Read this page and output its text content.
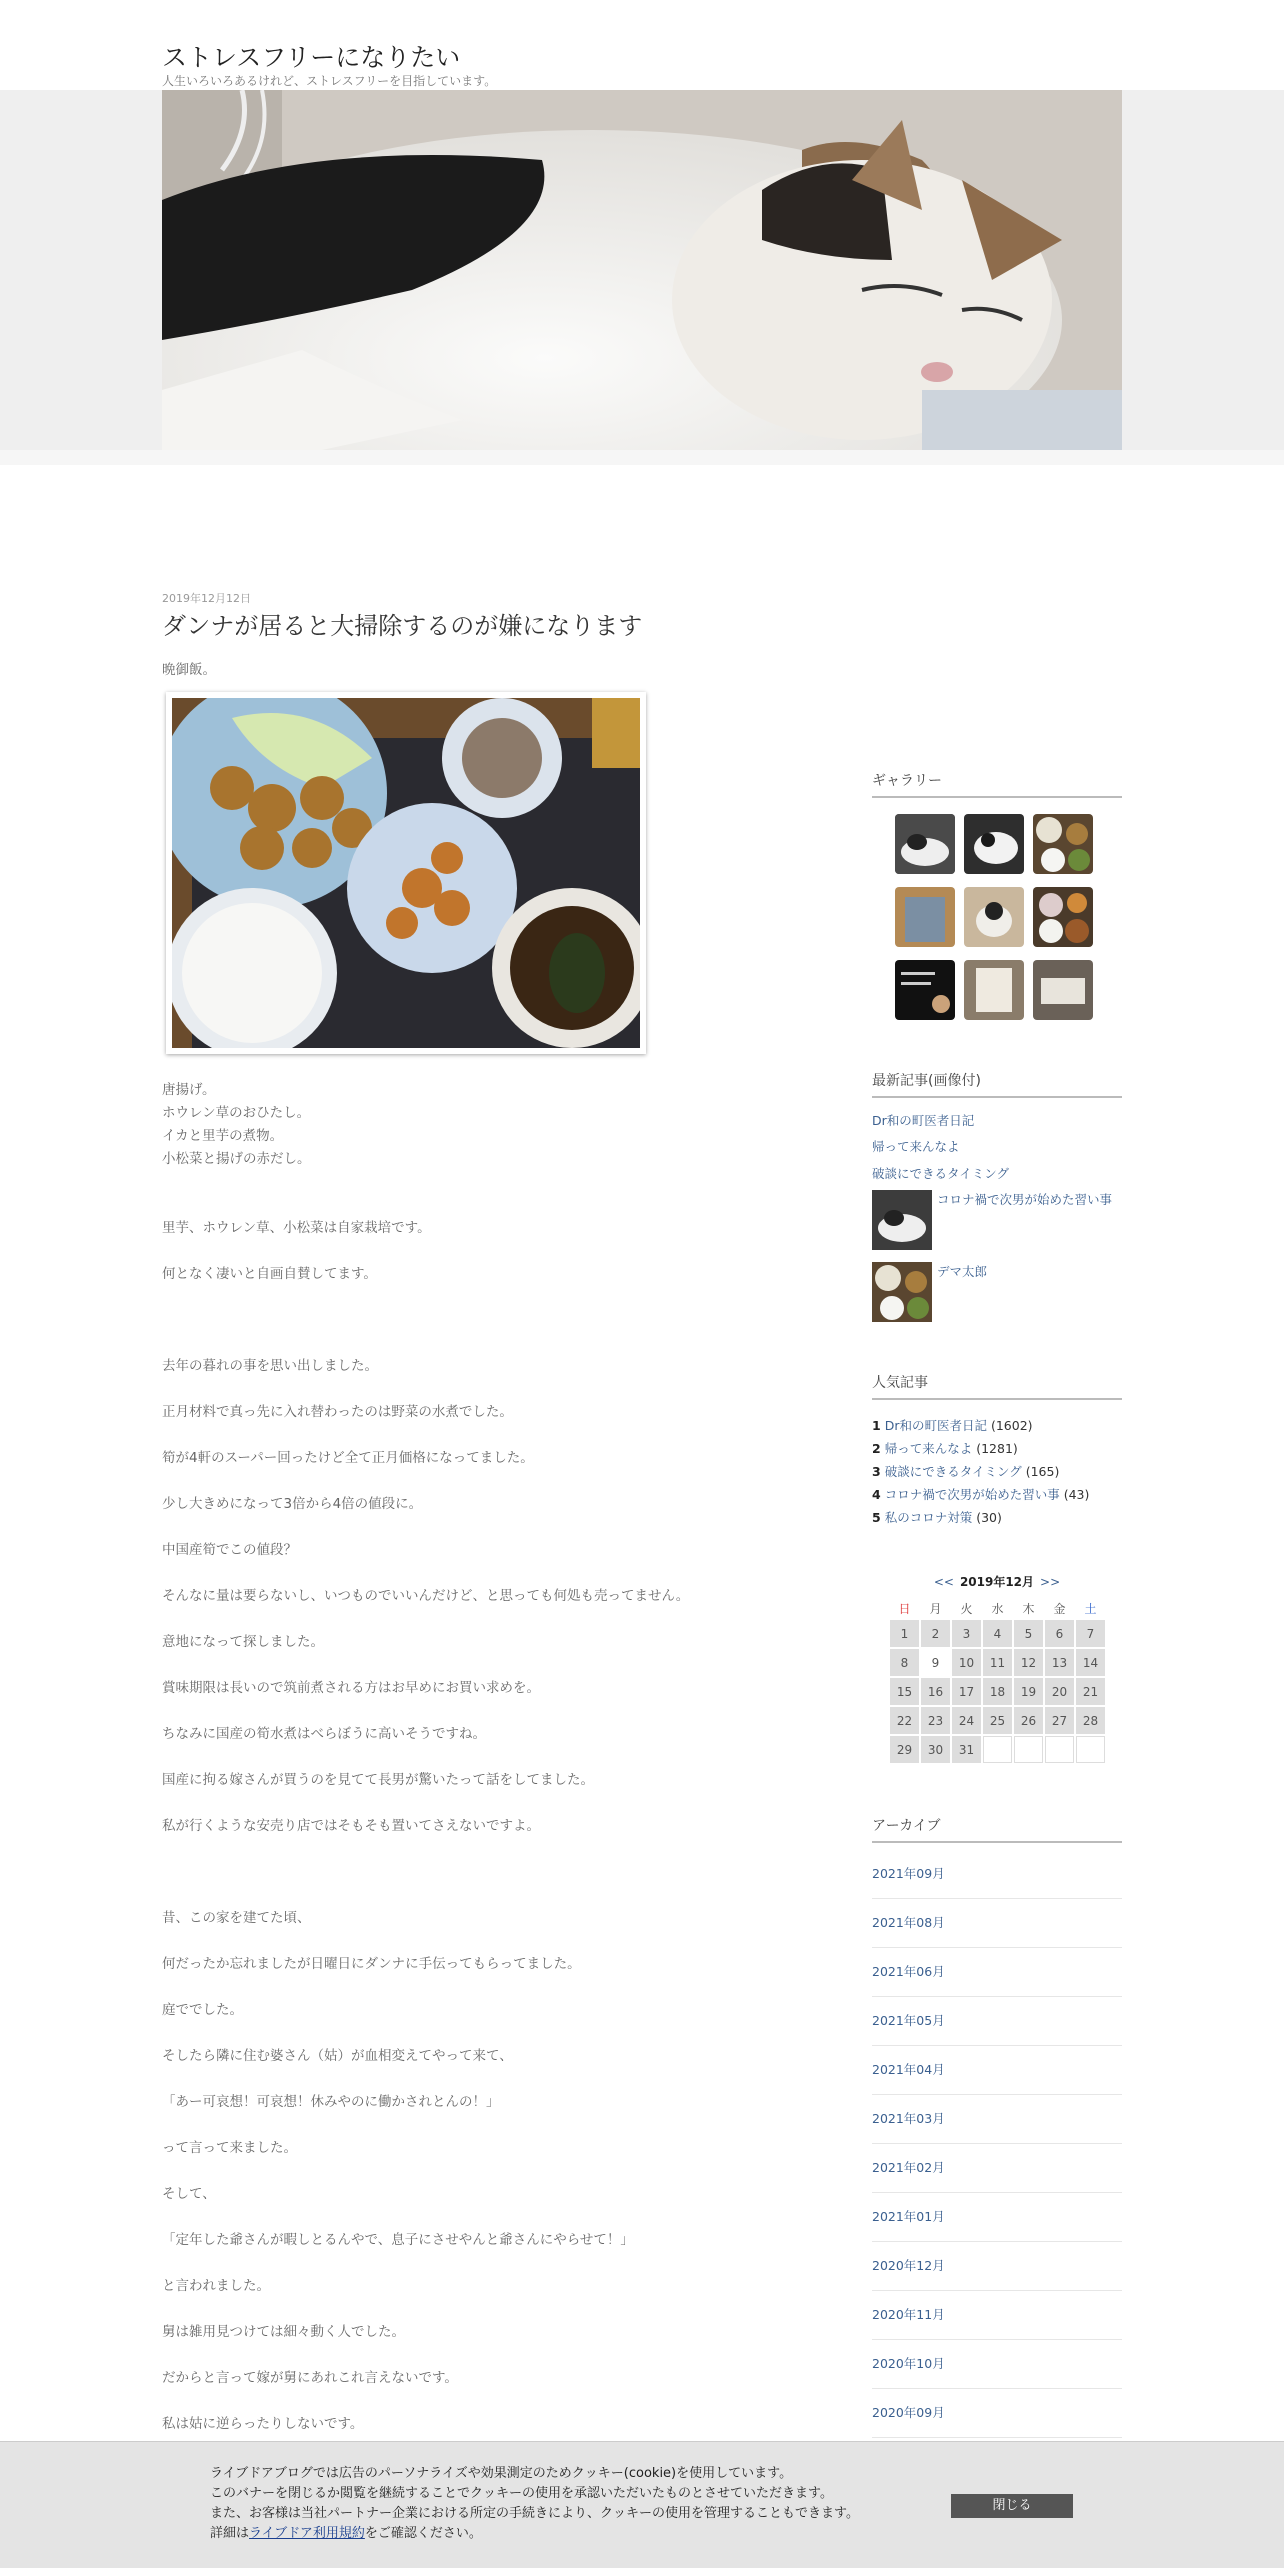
ストレスフリーになりたい
人生いろいろあるけれど、ストレスフリーを目指しています。
2019年12月12日
ダンナが居ると大掃除するのが嫌になります
晩御飯。
唐揚げ。
ホウレン草のおひたし。
イカと里芋の煮物。
小松菜と揚げの赤だし。
里芋、ホウレン草、小松菜は自家栽培です。
何となく凄いと自画自賛してます。
去年の暮れの事を思い出しました。
正月材料で真っ先に入れ替わったのは野菜の水煮でした。
筍が4軒のスーパー回ったけど全て正月価格になってました。
少し大きめになって3倍から4倍の値段に。
中国産筍でこの値段？
そんなに量は要らないし、いつものでいいんだけど、と思っても何処も売ってません。
意地になって探しました。
賞味期限は長いので筑前煮される方はお早めにお買い求めを。
ちなみに国産の筍水煮はべらぼうに高いそうですね。
国産に拘る嫁さんが買うのを見てて長男が驚いたって話をしてました。
私が行くような安売り店ではそもそも置いてさえないですよ。
昔、この家を建てた頃、
何だったか忘れましたが日曜日にダンナに手伝ってもらってました。
庭ででした。
そしたら隣に住む婆さん（姑）が血相変えてやって来て、
「あー可哀想！可哀想！休みやのに働かされとんの！」
って言って来ました。
そして、
「定年した爺さんが暇しとるんやで、息子にさせやんと爺さんにやらせて！」
と言われました。
舅は雑用見つけては細々動く人でした。
だからと言って嫁が舅にあれこれ言えないです。
私は姑に逆らったりしないです。
ギャラリー
最新記事(画像付)
Dr和の町医者日記
帰って来んなよ
破談にできるタイミング
コロナ禍で次男が始めた習い事
デマ太郎
人気記事
1 Dr和の町医者日記 (1602)
2 帰って来んなよ (1281)
3 破談にできるタイミング (165)
4 コロナ禍で次男が始めた習い事 (43)
5 私のコロナ対策 (30)
<< 2019年12月 >>
日	月	火	水	木	金	土
1	2	3	4	5	6	7
8	9	10	11	12	13	14
15	16	17	18	19	20	21
22	23	24	25	26	27	28
29	30	31				
アーカイブ
2021年09月
2021年08月
2021年06月
2021年05月
2021年04月
2021年03月
2021年02月
2021年01月
2020年12月
2020年11月
2020年10月
2020年09月
ライブドアブログでは広告のパーソナライズや効果測定のためクッキー(cookie)を使用しています。
このバナーを閉じるか閲覧を継続することでクッキーの使用を承認いただいたものとさせていただきます。
また、お客様は当社パートナー企業における所定の手続きにより、クッキーの使用を管理することもできます。
詳細はライブドア利用規約をご確認ください。
閉じる
